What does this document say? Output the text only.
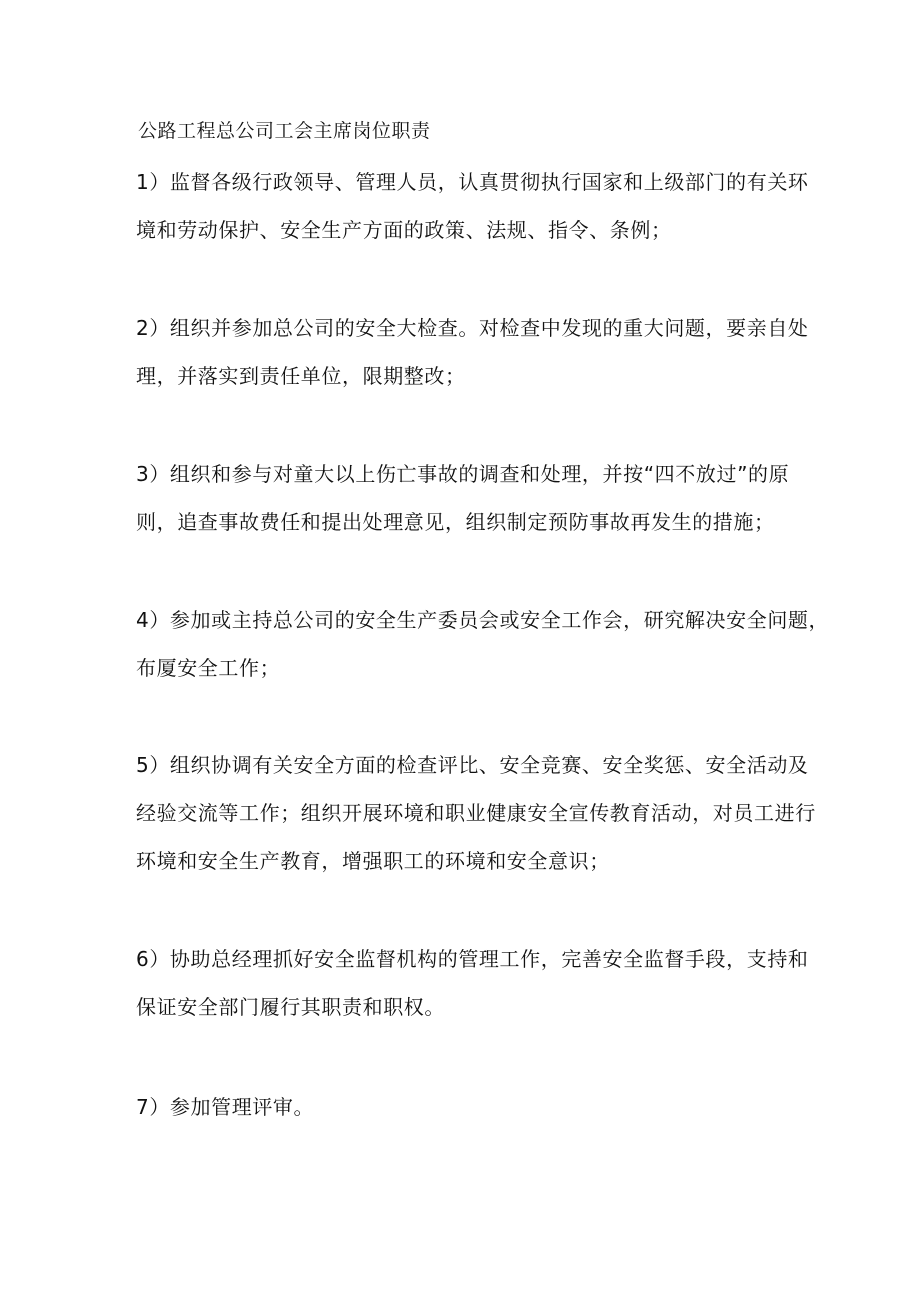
公路工程总公司工会主席岗位职责
1）监督各级行政领导、管理人员，认真贯彻执行国家和上级部门的有关环
境和劳动保护、安全生产方面的政策、法规、指令、条例；
2）组织并参加总公司的安全大检查。对检查中发现的重大问题，要亲自处
理，并落实到责任单位，限期整改；
3）组织和参与对童大以上伤亡事故的调查和处理，并按“四不放过”的原
则，追查事故费任和提出处理意见，组织制定预防事故再发生的措施；
4）参加或主持总公司的安全生产委员会或安全工作会，研究解决安全问题，
布厦安全工作；
5）组织协调有关安全方面的检查评比、安全竞赛、安全奖惩、安全活动及
经验交流等工作；组织开展环境和职业健康安全宣传教育活动，对员工进行
环境和安全生产教育，增强职工的环境和安全意识；
6）协助总经理抓好安全监督机构的管理工作，完善安全监督手段，支持和
保证安全部门履行其职责和职权。
7）参加管理评审。
